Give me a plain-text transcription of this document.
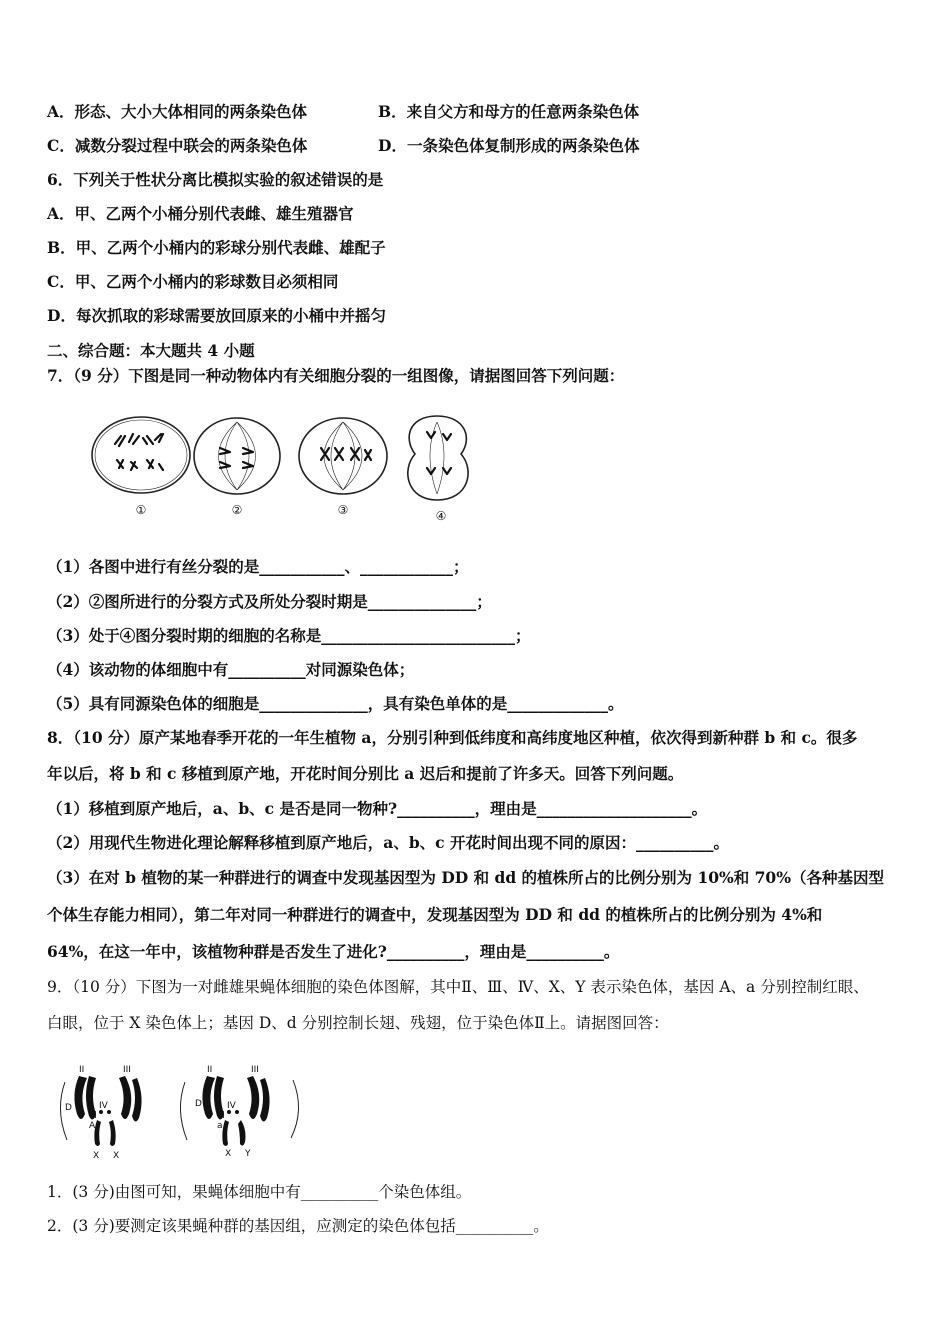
A．形态、大小大体相同的两条染色体	B．来自父方和母方的任意两条染色体
C．减数分裂过程中联会的两条染色体	D．一条染色体复制形成的两条染色体
6．下列关于性状分离比模拟实验的叙述错误的是
A．甲、乙两个小桶分别代表雌、雄生殖器官
B．甲、乙两个小桶内的彩球分别代表雌、雄配子
C．甲、乙两个小桶内的彩球数目必须相同
D．每次抓取的彩球需要放回原来的小桶中并摇匀
二、综合题：本大题共 4 小题
7．（9 分）下图是同一种动物体内有关细胞分裂的一组图像，请据图回答下列问题：
①	②	③	④
（1）各图中进行有丝分裂的是___________、____________；
（2）②图所进行的分裂方式及所处分裂时期是______________；
（3）处于④图分裂时期的细胞的名称是_________________________；
（4）该动物的体细胞中有__________对同源染色体；
（5）具有同源染色体的细胞是______________，具有染色单体的是_____________。
8．（10 分）原产某地春季开花的一年生植物 a，分别引种到低纬度和高纬度地区种植，依次得到新种群 b 和 c。很多
年以后，将 b 和 c 移植到原产地，开花时间分别比 a 迟后和提前了许多天。回答下列问题。
（1）移植到原产地后，a、b、c 是否是同一物种?__________，理由是____________________。
（2）用现代生物进化理论解释移植到原产地后，a、b、c 开花时间出现不同的原因：__________。
（3）在对 b 植物的某一种群进行的调查中发现基因型为 DD 和 dd 的植株所占的比例分别为 10%和 70%（各种基因型
个体生存能力相同），第二年对同一种群进行的调查中，发现基因型为 DD 和 dd 的植株所占的比例分别为 4%和
64%，在这一年中，该植物种群是否发生了进化?__________，理由是__________。
9．（10 分）下图为一对雌雄果蝇体细胞的染色体图解，其中Ⅱ、Ⅲ、Ⅳ、X、Y 表示染色体，基因 A、a 分别控制红眼、
白眼，位于 X 染色体上；基因 D、d 分别控制长翅、残翅，位于染色体Ⅱ上。请据图回答：
II	III
IV
D
d
A
X X
II	III
IV
D
d
a
X Y
1．(3 分)由图可知，果蝇体细胞中有__________个染色体组。
2．(3 分)要测定该果蝇种群的基因组，应测定的染色体包括__________。
